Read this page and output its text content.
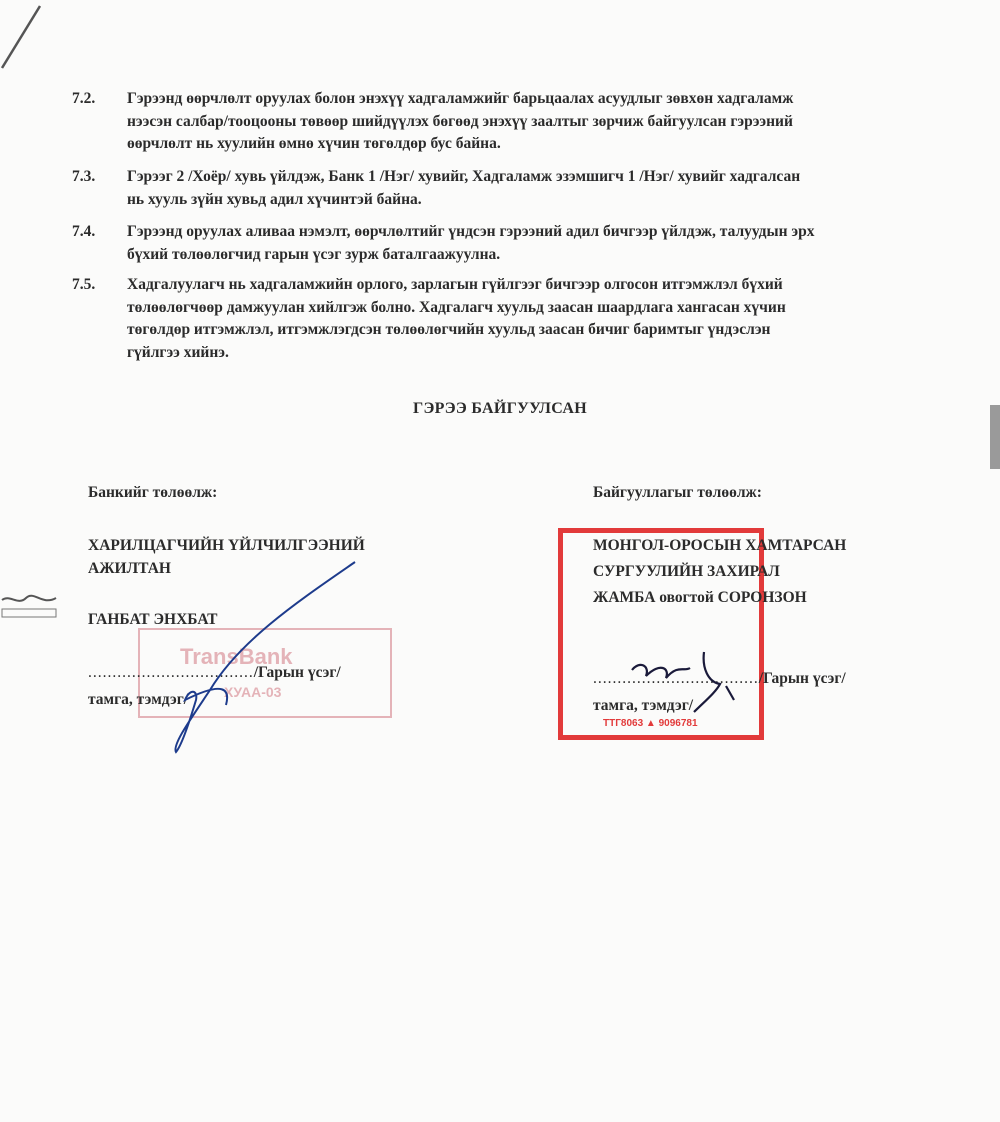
7.2.	Гэрээнд өөрчлөлт оруулах болон энэхүү хадгаламжийг барьцаалах асуудлыг зөвхөн хадгаламж
нээсэн салбар/тооцооны төвөөр шийдүүлэх бөгөөд энэхүү заалтыг зөрчиж байгуулсан гэрээний
өөрчлөлт нь хуулийн өмнө хүчин төгөлдөр бус байна.
7.3.	Гэрээг 2 /Хоёр/ хувь үйлдэж, Банк 1 /Нэг/ хувийг, Хадгаламж эзэмшигч 1 /Нэг/ хувийг хадгалсан
нь хууль зүйн хувьд адил хүчинтэй байна.
7.4.	Гэрээнд оруулах аливаа нэмэлт, өөрчлөлтийг үндсэн гэрээний адил бичгээр үйлдэж, талуудын эрх
бүхий төлөөлөгчид гарын үсэг зурж баталгаажуулна.
7.5.	Хадгалуулагч нь хадгаламжийн орлого, зарлагын гүйлгээг бичгээр олгосон итгэмжлэл бүхий
төлөөлөгчөөр дамжуулан хийлгэж болно. Хадгалагч хуульд заасан шаардлага хангасан хүчин
төгөлдөр итгэмжлэл, итгэмжлэгдсэн төлөөлөгчийн хуульд заасан бичиг баримтыг үндэслэн
гүйлгээ хийнэ.
ГЭРЭЭ БАЙГУУЛСАН
TransBank
ХУАА-03
Банкийг төлөөлж:
ХАРИЛЦАГЧИЙН ҮЙЛЧИЛГЭЭНИЙ
АЖИЛТАН
ГАНБАТ ЭНХБАТ
................................../Гарын үсэг/
тамга, тэмдэг/
ТТГ8063 ▲ 9096781
Байгууллагыг төлөөлж:
МОНГОЛ-ОРОСЫН ХАМТАРСАН
СУРГУУЛИЙН ЗАХИРАЛ
ЖАМБА овогтой СОРОНЗОН
................................../Гарын үсэг/
тамга, тэмдэг/
